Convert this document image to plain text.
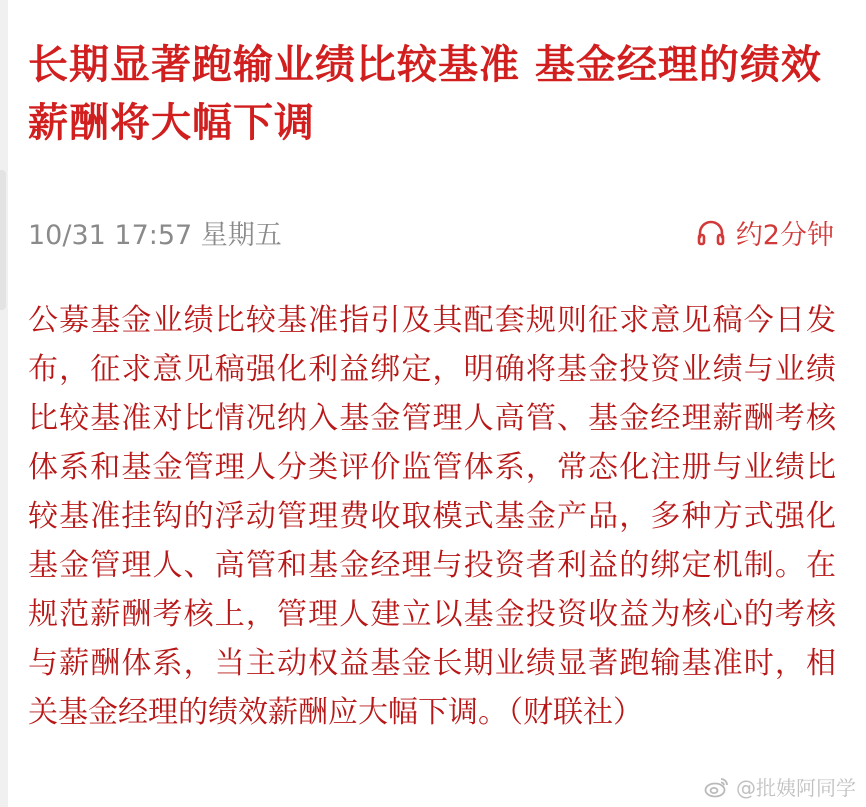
长期显著跑输业绩比较基准 基金经理的绩效薪酬将大幅下调
10/31 17:57 星期五	约2分钟

公募基金业绩比较基准指引及其配套规则征求意见稿今日发布，征求意见稿强化利益绑定，明确将基金投资业绩与业绩比较基准对比情况纳入基金管理人高管、基金经理薪酬考核体系和基金管理人分类评价监管体系，常态化注册与业绩比较基准挂钩的浮动管理费收取模式基金产品，多种方式强化基金管理人、高管和基金经理与投资者利益的绑定机制。在规范薪酬考核上，管理人建立以基金投资收益为核心的考核与薪酬体系，当主动权益基金长期业绩显著跑输基准时，相关基金经理的绩效薪酬应大幅下调。（财联社）

@批姨阿同学
